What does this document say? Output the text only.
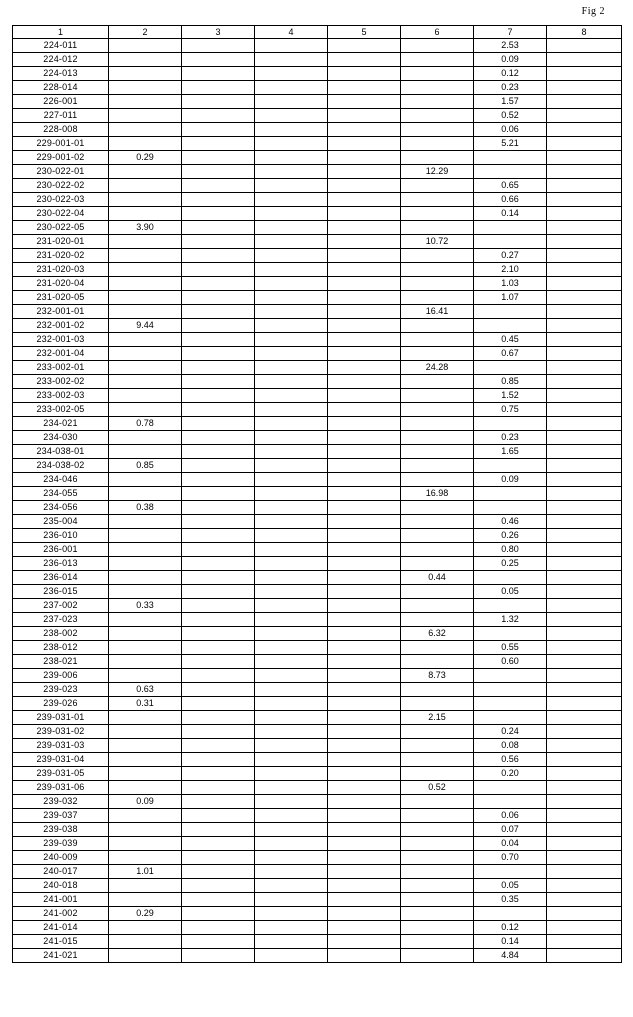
Fig 2
1	2	3	4	5	6	7	8
224-011						2.53	
224-012						0.09	
224-013						0.12	
228-014						0.23	
226-001						1.57	
227-011						0.52	
228-008						0.06	
229-001-01						5.21	
229-001-02	0.29						
230-022-01					12.29		
230-022-02						0.65	
230-022-03						0.66	
230-022-04						0.14	
230-022-05	3.90						
231-020-01					10.72		
231-020-02						0.27	
231-020-03						2.10	
231-020-04						1.03	
231-020-05						1.07	
232-001-01					16.41		
232-001-02	9.44						
232-001-03						0.45	
232-001-04						0.67	
233-002-01					24.28		
233-002-02						0.85	
233-002-03						1.52	
233-002-05						0.75	
234-021	0.78						
234-030						0.23	
234-038-01						1.65	
234-038-02	0.85						
234-046						0.09	
234-055					16.98		
234-056	0.38						
235-004						0.46	
236-010						0.26	
236-001						0.80	
236-013						0.25	
236-014					0.44		
236-015						0.05	
237-002	0.33						
237-023						1.32	
238-002					6.32		
238-012						0.55	
238-021						0.60	
239-006					8.73		
239-023	0.63						
239-026	0.31						
239-031-01					2.15		
239-031-02						0.24	
239-031-03						0.08	
239-031-04						0.56	
239-031-05						0.20	
239-031-06					0.52		
239-032	0.09						
239-037						0.06	
239-038						0.07	
239-039						0.04	
240-009						0.70	
240-017	1.01						
240-018						0.05	
241-001						0.35	
241-002	0.29						
241-014						0.12	
241-015						0.14	
241-021						4.84	
